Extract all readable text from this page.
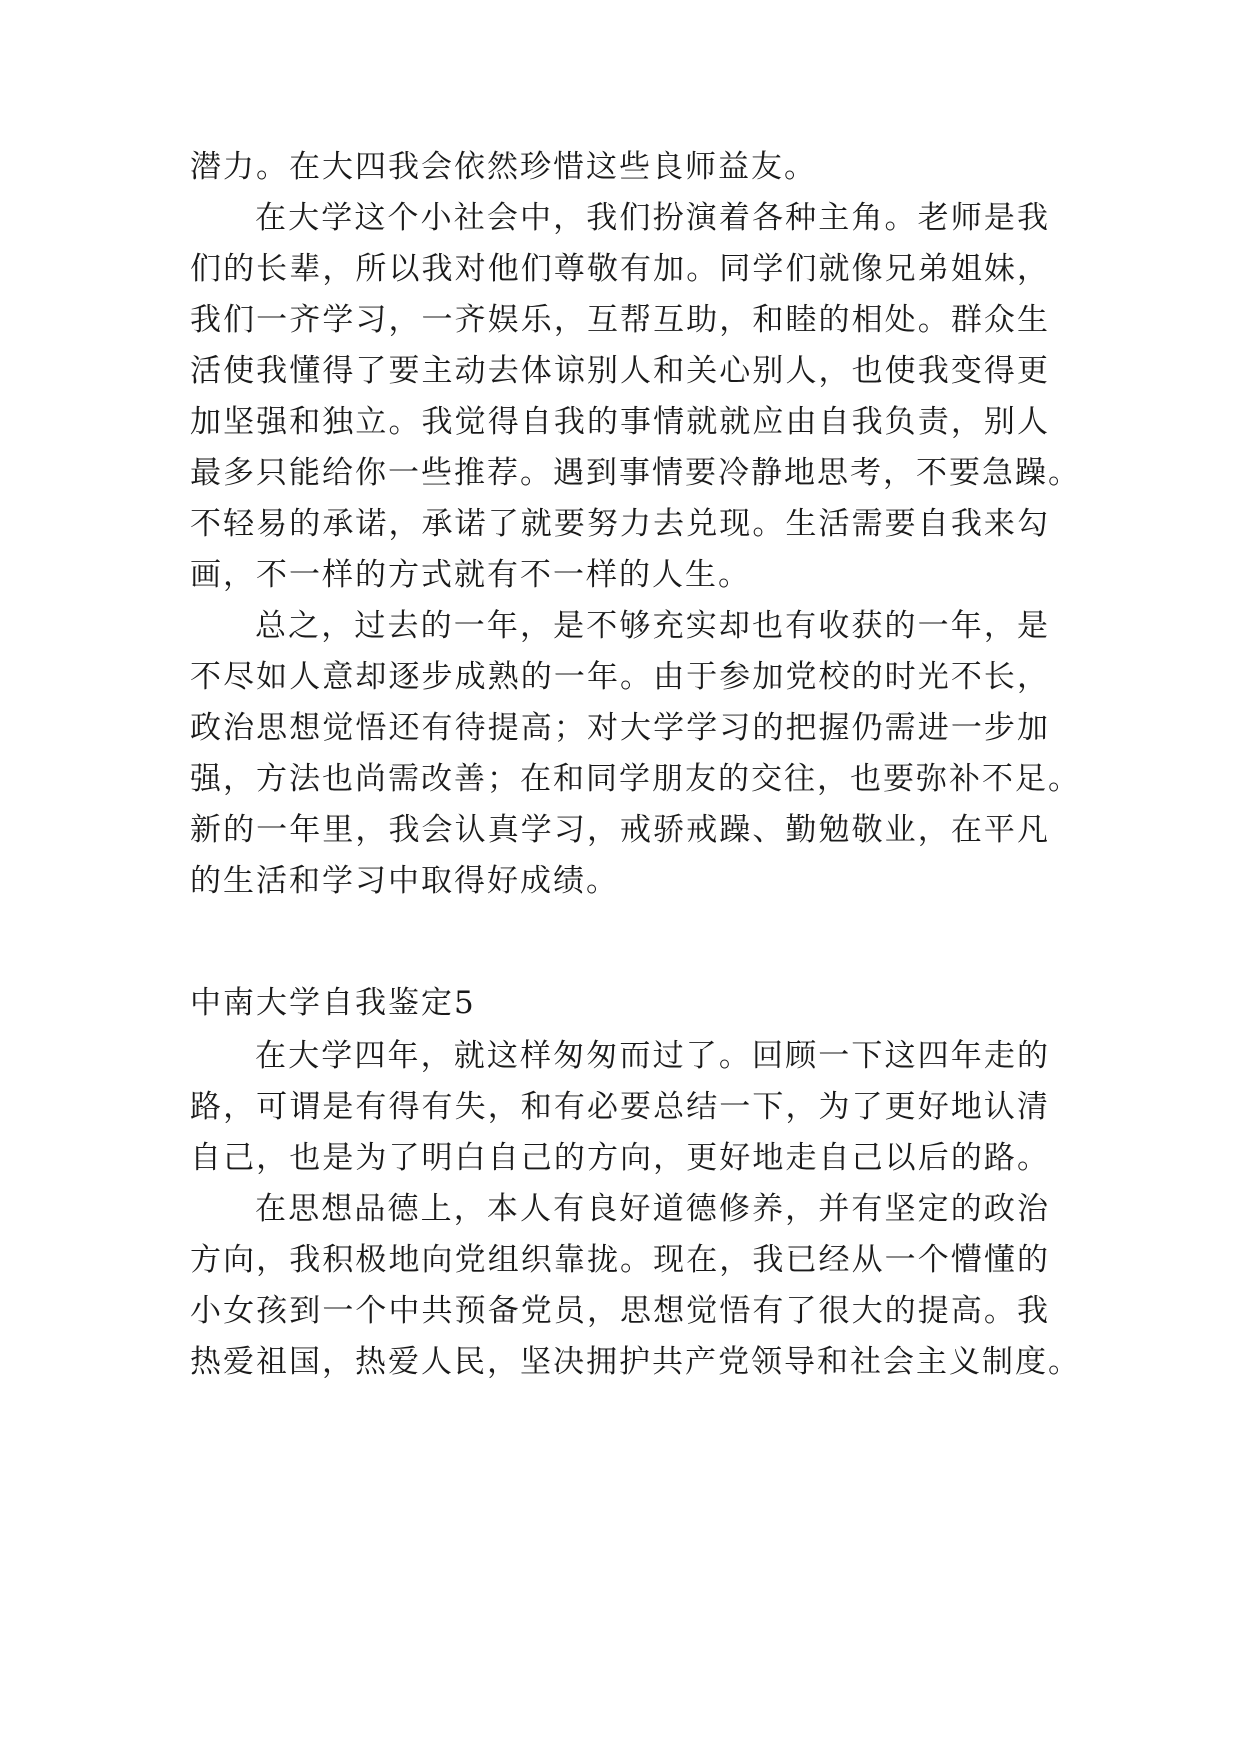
潜力。在大四我会依然珍惜这些良师益友。
在大学这个小社会中，我们扮演着各种主角。老师是我
们的长辈，所以我对他们尊敬有加。同学们就像兄弟姐妹，
我们一齐学习，一齐娱乐，互帮互助，和睦的相处。群众生
活使我懂得了要主动去体谅别人和关心别人，也使我变得更
加坚强和独立。我觉得自我的事情就就应由自我负责，别人
最多只能给你一些推荐。遇到事情要冷静地思考，不要急躁。
不轻易的承诺，承诺了就要努力去兑现。生活需要自我来勾
画，不一样的方式就有不一样的人生。
总之，过去的一年，是不够充实却也有收获的一年，是
不尽如人意却逐步成熟的一年。由于参加党校的时光不长，
政治思想觉悟还有待提高；对大学学习的把握仍需进一步加
强，方法也尚需改善；在和同学朋友的交往，也要弥补不足。
新的一年里，我会认真学习，戒骄戒躁、勤勉敬业，在平凡
的生活和学习中取得好成绩。
中南大学自我鉴定5
在大学四年，就这样匆匆而过了。回顾一下这四年走的
路，可谓是有得有失，和有必要总结一下，为了更好地认清
自己，也是为了明白自己的方向，更好地走自己以后的路。
在思想品德上，本人有良好道德修养，并有坚定的政治
方向，我积极地向党组织靠拢。现在，我已经从一个懵懂的
小女孩到一个中共预备党员，思想觉悟有了很大的提高。我
热爱祖国，热爱人民，坚决拥护共产党领导和社会主义制度。
